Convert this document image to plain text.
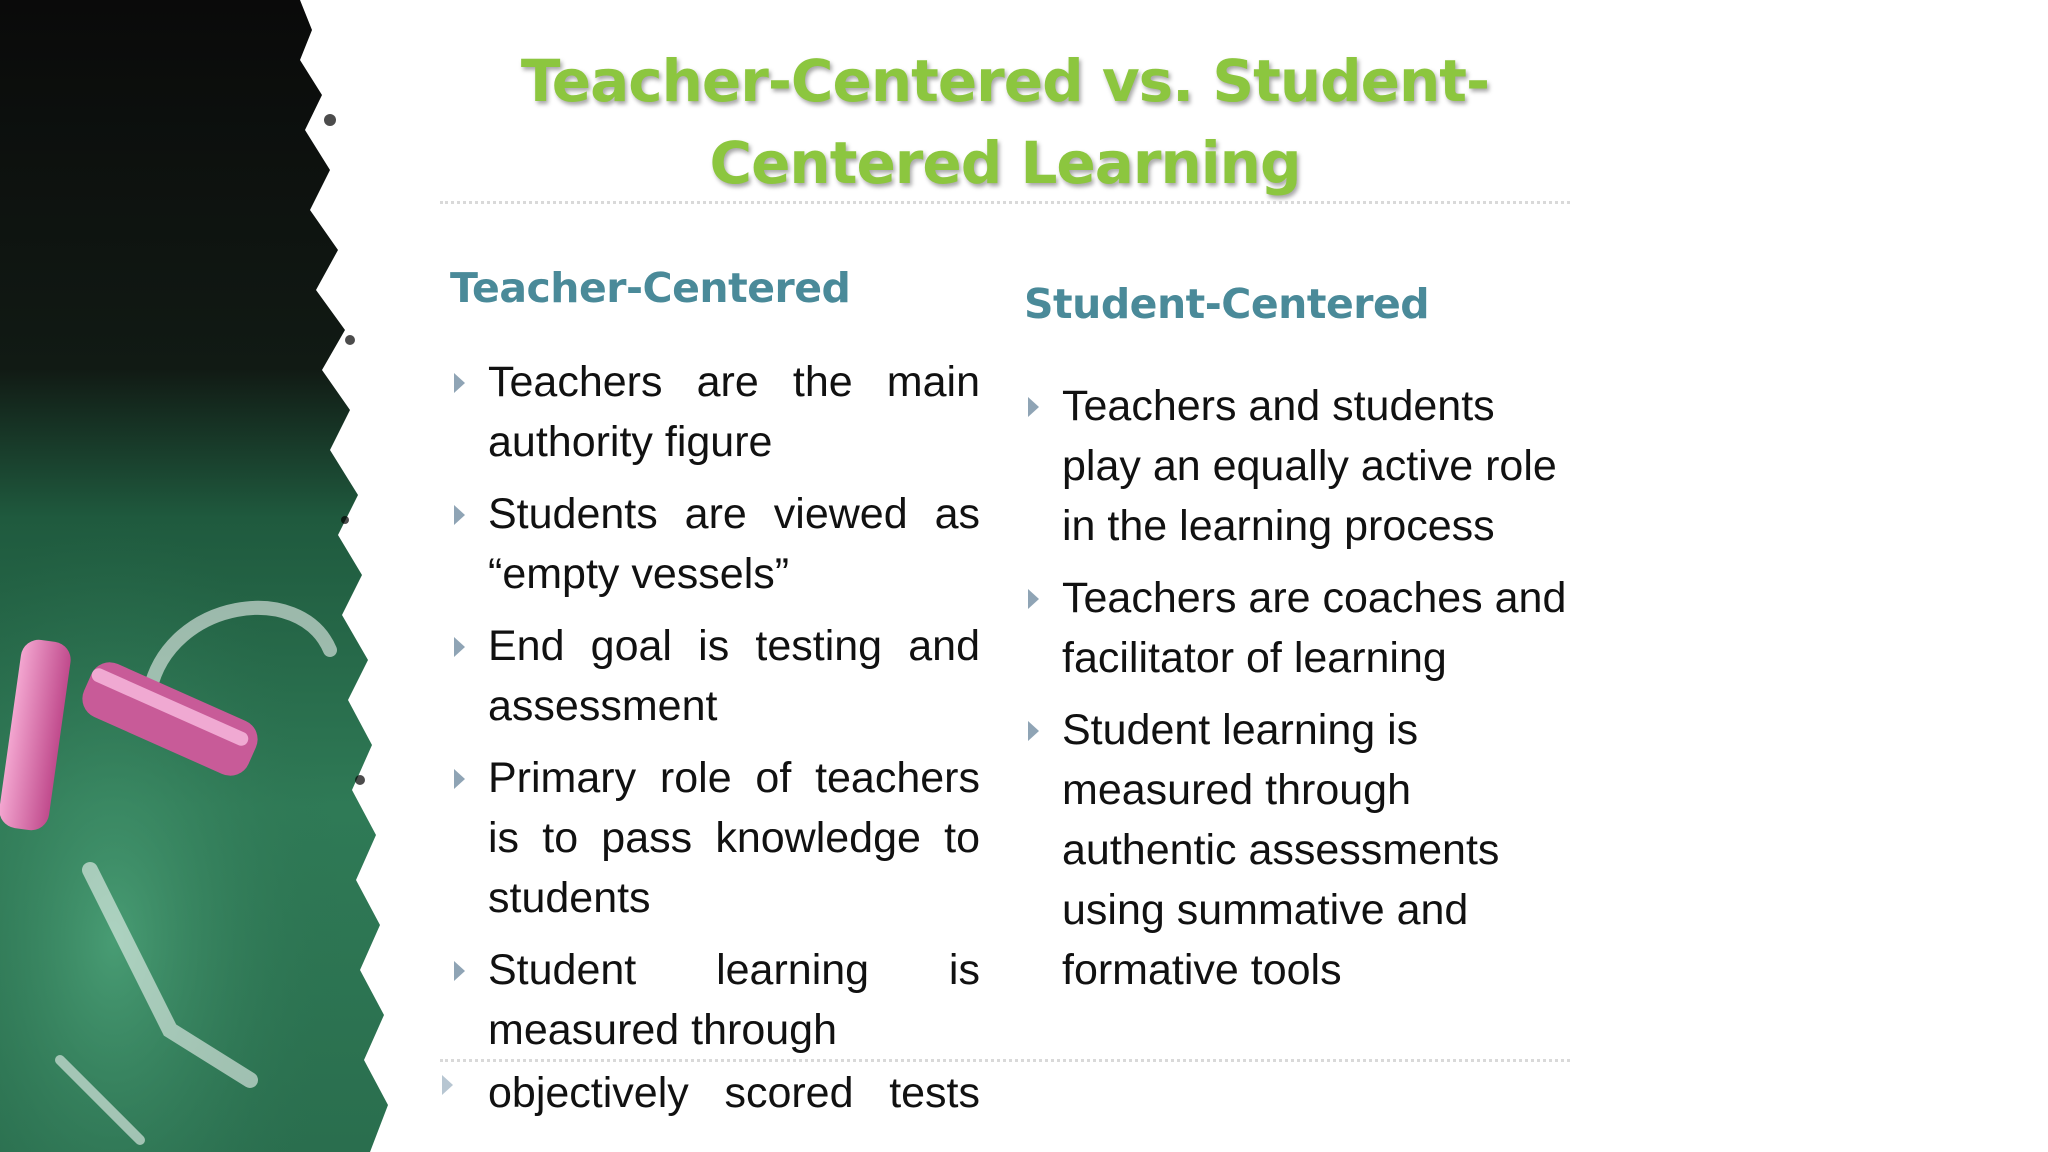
Teacher-Centered vs. Student-Centered Learning
Teacher-Centered
Teachers are the main authority figure
Students are viewed as “empty vessels”
End goal is testing and assessment
Primary role of teachers is to pass knowledge to students
Student learning is measured through
Student-Centered
Teachers and students play an equally active role in the learning process
Teachers are coaches and facilitator of learning
Student learning is measured through authentic assessments using summative and formative tools
objectively scored tests
